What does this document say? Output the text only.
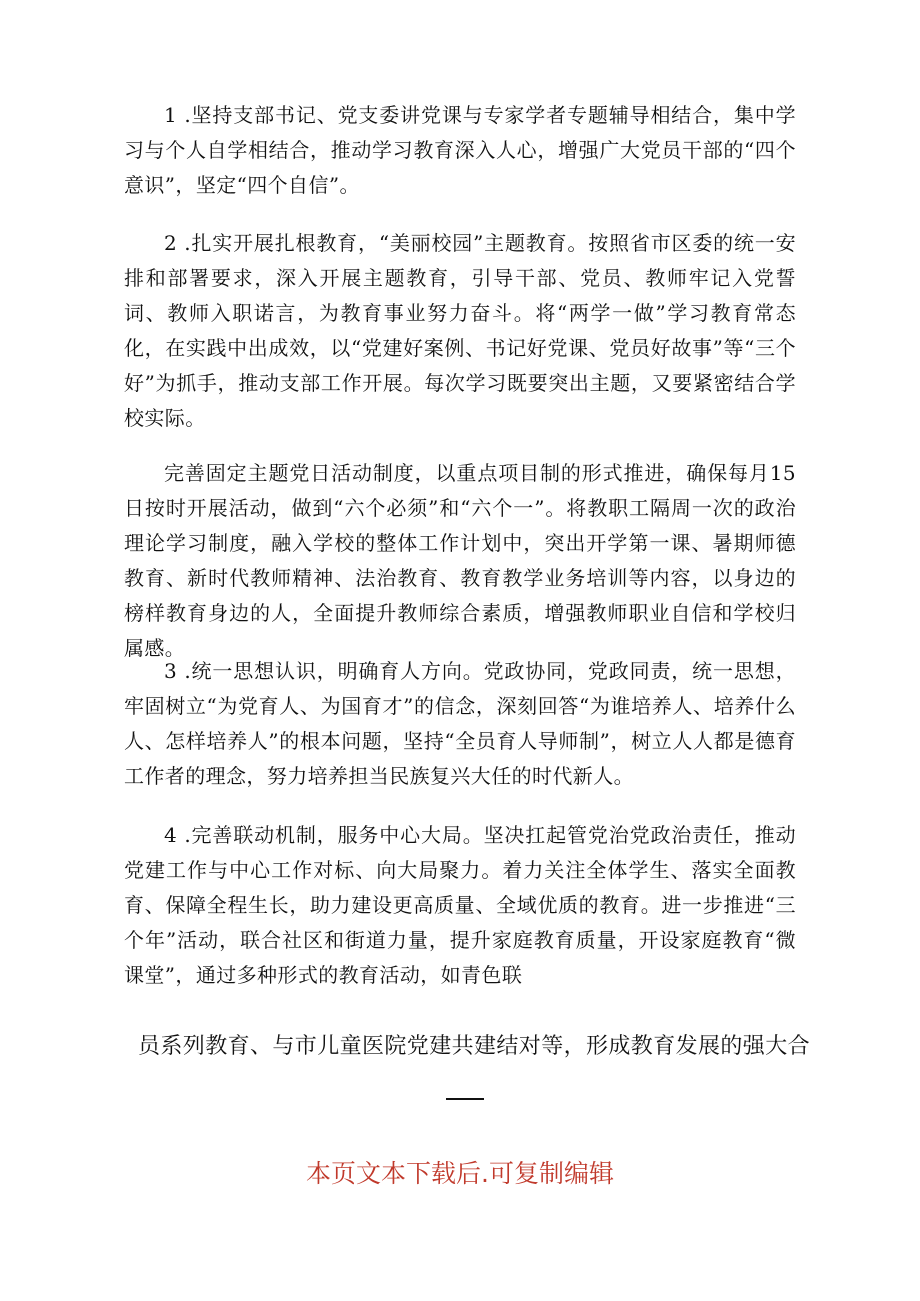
1 .坚持支部书记、党支委讲党课与专家学者专题辅导相结合，集中学习与个人自学相结合，推动学习教育深入人心，增强广大党员干部的“四个意识”，坚定“四个自信”。

2 .扎实开展扎根教育，“美丽校园”主题教育。按照省市区委的统一安排和部署要求，深入开展主题教育，引导干部、党员、教师牢记入党誓词、教师入职诺言，为教育事业努力奋斗。将“两学一做”学习教育常态化，在实践中出成效，以“党建好案例、书记好党课、党员好故事”等“三个好”为抓手，推动支部工作开展。每次学习既要突出主题，又要紧密结合学校实际。

完善固定主题党日活动制度，以重点项目制的形式推进，确保每月15日按时开展活动，做到“六个必须”和“六个一”。将教职工隔周一次的政治理论学习制度，融入学校的整体工作计划中，突出开学第一课、暑期师德教育、新时代教师精神、法治教育、教育教学业务培训等内容，以身边的榜样教育身边的人，全面提升教师综合素质，增强教师职业自信和学校归属感。

3 .统一思想认识，明确育人方向。党政协同，党政同责，统一思想，牢固树立“为党育人、为国育才”的信念，深刻回答“为谁培养人、培养什么人、怎样培养人”的根本问题，坚持“全员育人导师制”，树立人人都是德育工作者的理念，努力培养担当民族复兴大任的时代新人。

4 .完善联动机制，服务中心大局。坚决扛起管党治党政治责任，推动党建工作与中心工作对标、向大局聚力。着力关注全体学生、落实全面教育、保障全程生长，助力建设更高质量、全域优质的教育。进一步推进“三个年”活动，联合社区和街道力量，提升家庭教育质量，开设家庭教育“微课堂”，通过多种形式的教育活动，如青色联

员系列教育、与市儿童医院党建共建结对等，形成教育发展的强大合

本页文本下载后.可复制编辑
